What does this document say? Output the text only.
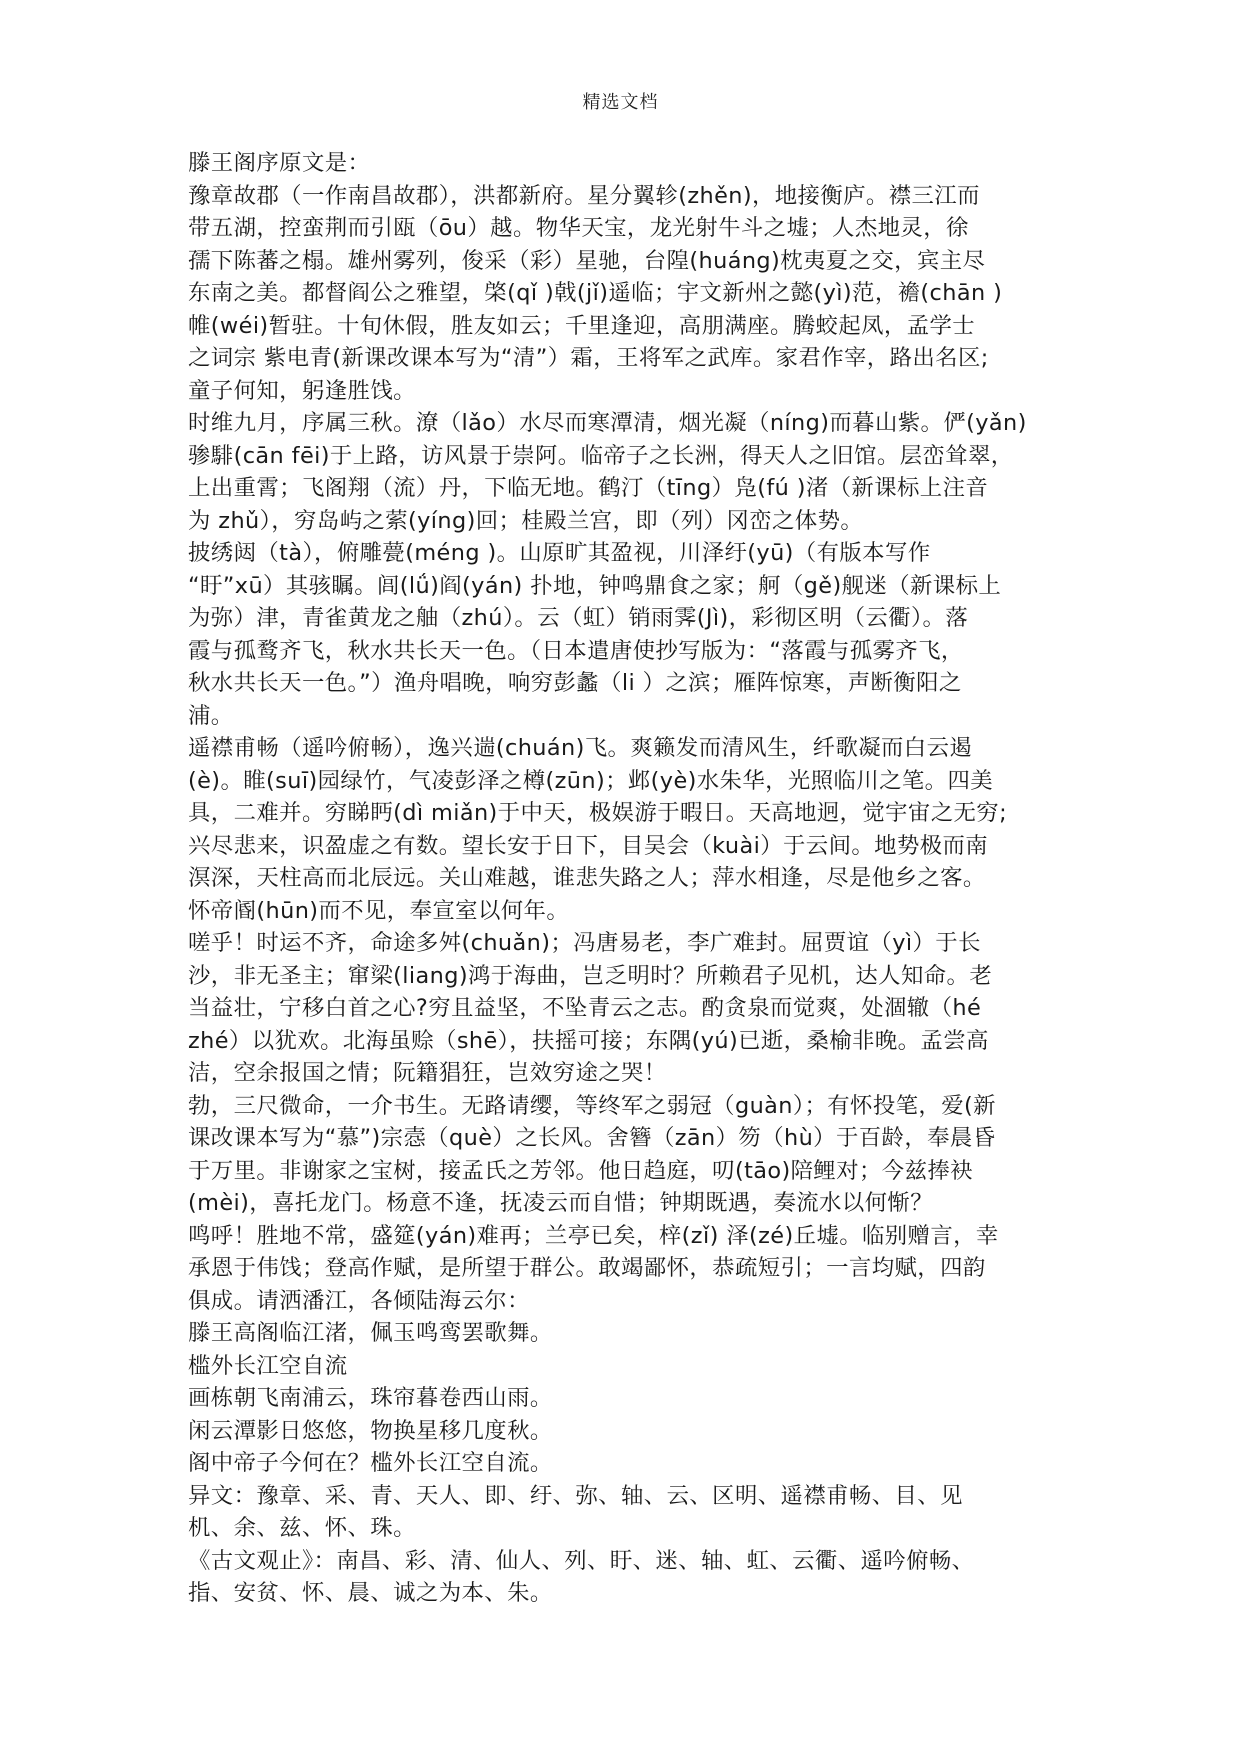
精选文档
滕王阁序原文是：
豫章故郡（一作南昌故郡），洪都新府。星分翼轸(zhěn)，地接衡庐。襟三江而
带五湖，控蛮荆而引瓯（ōu）越。物华天宝，龙光射牛斗之墟；人杰地灵，徐
孺下陈蕃之榻。雄州雾列，俊采（彩）星驰，台隍(huáng)枕夷夏之交，宾主尽
东南之美。都督阎公之雅望，棨(qǐ )戟(jǐ)遥临；宇文新州之懿(yì)范，襜(chān )
帷(wéi)暂驻。十旬休假，胜友如云；千里逢迎，高朋满座。腾蛟起凤，孟学士
之词宗 紫电青(新课改课本写为“清”）霜，王将军之武库。家君作宰，路出名区;
童子何知，躬逢胜饯。
时维九月，序属三秋。潦（lǎo）水尽而寒潭清，烟光凝（níng)而暮山紫。俨(yǎn)
骖騑(cān fēi)于上路，访风景于崇阿。临帝子之长洲，得天人之旧馆。层峦耸翠，
上出重霄；飞阁翔（流）丹，下临无地。鹤汀（tīng）凫(fú )渚（新课标上注音
为 zhǔ），穷岛屿之萦(yíng)回；桂殿兰宫，即（列）冈峦之体势。
披绣闼（tà），俯雕甍(méng )。山原旷其盈视，川泽纡(yū)（有版本写作
“盱”xū）其骇瞩。闾(lǘ)阎(yán) 扑地，钟鸣鼎食之家；舸（gě)舰迷（新课标上
为弥）津，青雀黄龙之舳（zhú）。云（虹）销雨霁(Jì)，彩彻区明（云衢）。落
霞与孤鹜齐飞，秋水共长天一色。（日本遣唐使抄写版为：“落霞与孤雾齐飞，
秋水共长天一色。”）渔舟唱晚，响穷彭蠡（li ）之滨；雁阵惊寒，声断衡阳之
浦。
遥襟甫畅（遥吟俯畅），逸兴遄(chuán)飞。爽籁发而清风生，纤歌凝而白云遏
(è)。睢(suī)园绿竹，气凌彭泽之樽(zūn)；邺(yè)水朱华，光照临川之笔。四美
具，二难并。穷睇眄(dì miǎn)于中天，极娱游于暇日。天高地迥，觉宇宙之无穷;
兴尽悲来，识盈虚之有数。望长安于日下，目吴会（kuài）于云间。地势极而南
溟深，天柱高而北辰远。关山难越，谁悲失路之人；萍水相逢，尽是他乡之客。
怀帝阍(hūn)而不见，奉宣室以何年。
嗟乎！时运不齐，命途多舛(chuǎn)；冯唐易老，李广难封。屈贾谊（yì）于长
沙，非无圣主；窜梁(liang)鸿于海曲，岂乏明时？所赖君子见机，达人知命。老
当益壮，宁移白首之心?穷且益坚，不坠青云之志。酌贪泉而觉爽，处涸辙（hé
zhé）以犹欢。北海虽赊（shē），扶摇可接；东隅(yú)已逝，桑榆非晚。孟尝高
洁，空余报国之情；阮籍猖狂，岂效穷途之哭！
勃，三尺微命，一介书生。无路请缨，等终军之弱冠（guàn）；有怀投笔，爱(新
课改课本写为“慕”)宗悫（què）之长风。舍簪（zān）笏（hù）于百龄，奉晨昏
于万里。非谢家之宝树，接孟氏之芳邻。他日趋庭，叨(tāo)陪鲤对；今兹捧袂
(mèi)，喜托龙门。杨意不逢，抚凌云而自惜；钟期既遇，奏流水以何惭？
鸣呼！胜地不常，盛筵(yán)难再；兰亭已矣，梓(zǐ) 泽(zé)丘墟。临别赠言，幸
承恩于伟饯；登高作赋，是所望于群公。敢竭鄙怀，恭疏短引；一言均赋，四韵
俱成。请洒潘江，各倾陆海云尔：
滕王高阁临江渚，佩玉鸣鸾罢歌舞。
槛外长江空自流
画栋朝飞南浦云，珠帘暮卷西山雨。
闲云潭影日悠悠，物换星移几度秋。
阁中帝子今何在？槛外长江空自流。
异文：豫章、采、青、天人、即、纡、弥、轴、云、区明、遥襟甫畅、目、见
机、余、兹、怀、珠。
《古文观止》：南昌、彩、清、仙人、列、盱、迷、轴、虹、云衢、遥吟俯畅、
指、安贫、怀、晨、诚之为本、朱。
